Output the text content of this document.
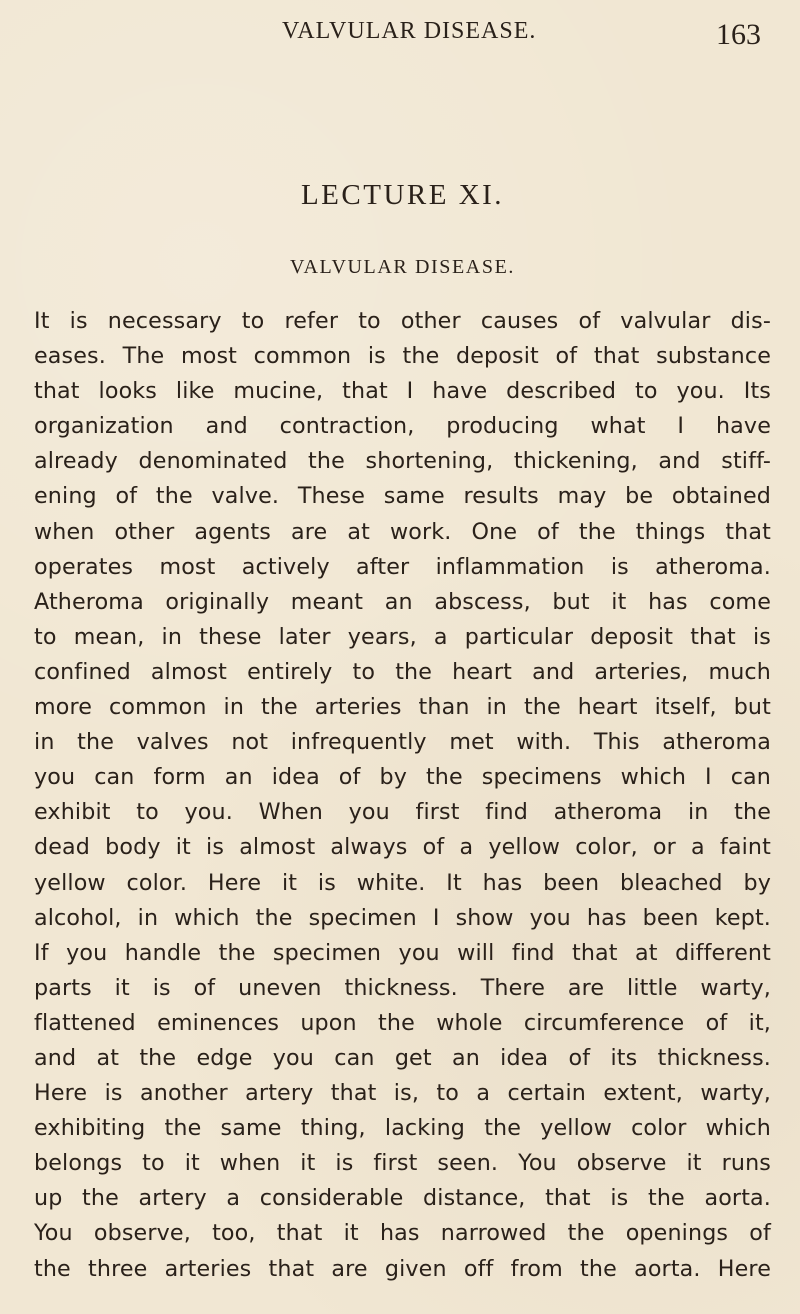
VALVULAR DISEASE.	163
LECTURE XI.
VALVULAR DISEASE.
It is necessary to refer to other causes of valvular dis-
eases. The most common is the deposit of that substance
that looks like mucine, that I have described to you. Its
organization and contraction, producing what I have
already denominated the shortening, thickening, and stiff-
ening of the valve. These same results may be obtained
when other agents are at work. One of the things that
operates most actively after inflammation is atheroma.
Atheroma originally meant an abscess, but it has come
to mean, in these later years, a particular deposit that is
confined almost entirely to the heart and arteries, much
more common in the arteries than in the heart itself, but
in the valves not infrequently met with. This atheroma
you can form an idea of by the specimens which I can
exhibit to you. When you first find atheroma in the
dead body it is almost always of a yellow color, or a faint
yellow color. Here it is white. It has been bleached by
alcohol, in which the specimen I show you has been kept.
If you handle the specimen you will find that at different
parts it is of uneven thickness. There are little warty,
flattened eminences upon the whole circumference of it,
and at the edge you can get an idea of its thickness.
Here is another artery that is, to a certain extent, warty,
exhibiting the same thing, lacking the yellow color which
belongs to it when it is first seen. You observe it runs
up the artery a considerable distance, that is the aorta.
You observe, too, that it has narrowed the openings of
the three arteries that are given off from the aorta. Here
